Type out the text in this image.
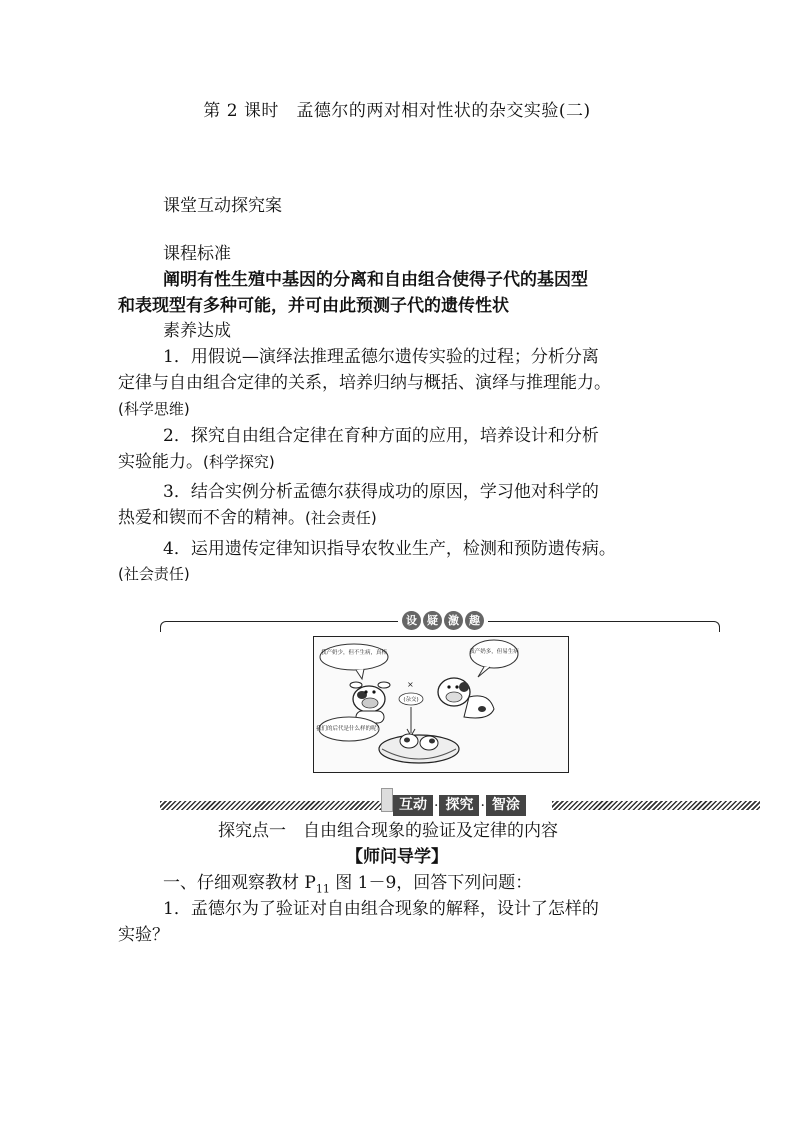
第 2 课时　孟德尔的两对相对性状的杂交实验(二)
课堂互动探究案
课程标准
阐明有性生殖中基因的分离和自由组合使得子代的基因型
和表现型有多种可能，并可由此预测子代的遗传性状
素养达成
1．用假说—演绎法推理孟德尔遗传实验的过程；分析分离
定律与自由组合定律的关系，培养归纳与概括、演绎与推理能力。
(科学思维)
2．探究自由组合定律在育种方面的应用，培养设计和分析
实验能力。(科学探究)
3．结合实例分析孟德尔获得成功的原因，学习他对科学的
热爱和锲而不舍的精神。(社会责任)
4．运用遗传定律知识指导农牧业生产，检测和预防遗传病。
(社会责任)
设 疑 激 趣
我产奶少，但不生病，真棒	我产奶多，但易生病
×
(杂交)
我们的后代是什么样的呢？
互动 · 探究 · 智涂
探究点一　自由组合现象的验证及定律的内容
【师问导学】
一、仔细观察教材 $P_{11}$ 图 1－9，回答下列问题：
1．孟德尔为了验证对自由组合现象的解释，设计了怎样的
实验？
